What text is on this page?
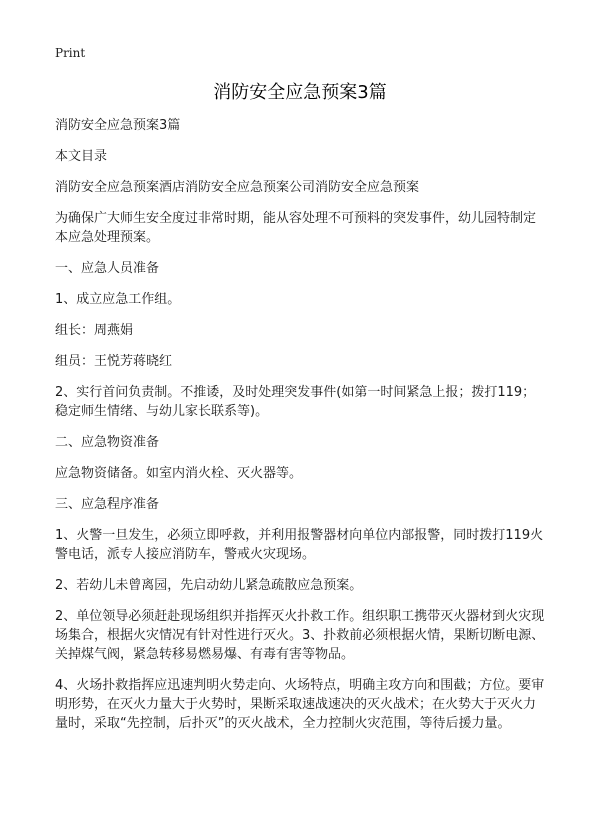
Print
消防安全应急预案3篇

消防安全应急预案3篇

本文目录

消防安全应急预案酒店消防安全应急预案公司消防安全应急预案

为确保广大师生安全度过非常时期，能从容处理不可预料的突发事件，幼儿园特制定本应急处理预案。

一、应急人员准备

1、成立应急工作组。

组长：周燕娟

组员：王悦芳蒋晓红

2、实行首问负责制。不推诿，及时处理突发事件(如第一时间紧急上报；拨打119；稳定师生情绪、与幼儿家长联系等)。

二、应急物资准备

应急物资储备。如室内消火栓、灭火器等。

三、应急程序准备

1、火警一旦发生，必须立即呼救，并利用报警器材向单位内部报警，同时拨打119火警电话，派专人接应消防车，警戒火灾现场。

2、若幼儿未曾离园，先启动幼儿紧急疏散应急预案。

2、单位领导必须赶赴现场组织并指挥灭火扑救工作。组织职工携带灭火器材到火灾现场集合，根据火灾情况有针对性进行灭火。3、扑救前必须根据火情，果断切断电源、关掉煤气阀，紧急转移易燃易爆、有毒有害等物品。

4、火场扑救指挥应迅速判明火势走向、火场特点，明确主攻方向和围截；方位。要审明形势，在灭火力量大于火势时，果断采取速战速决的灭火战术；在火势大于灭火力量时，采取“先控制，后扑灭”的灭火战术，全力控制火灾范围，等待后援力量。
